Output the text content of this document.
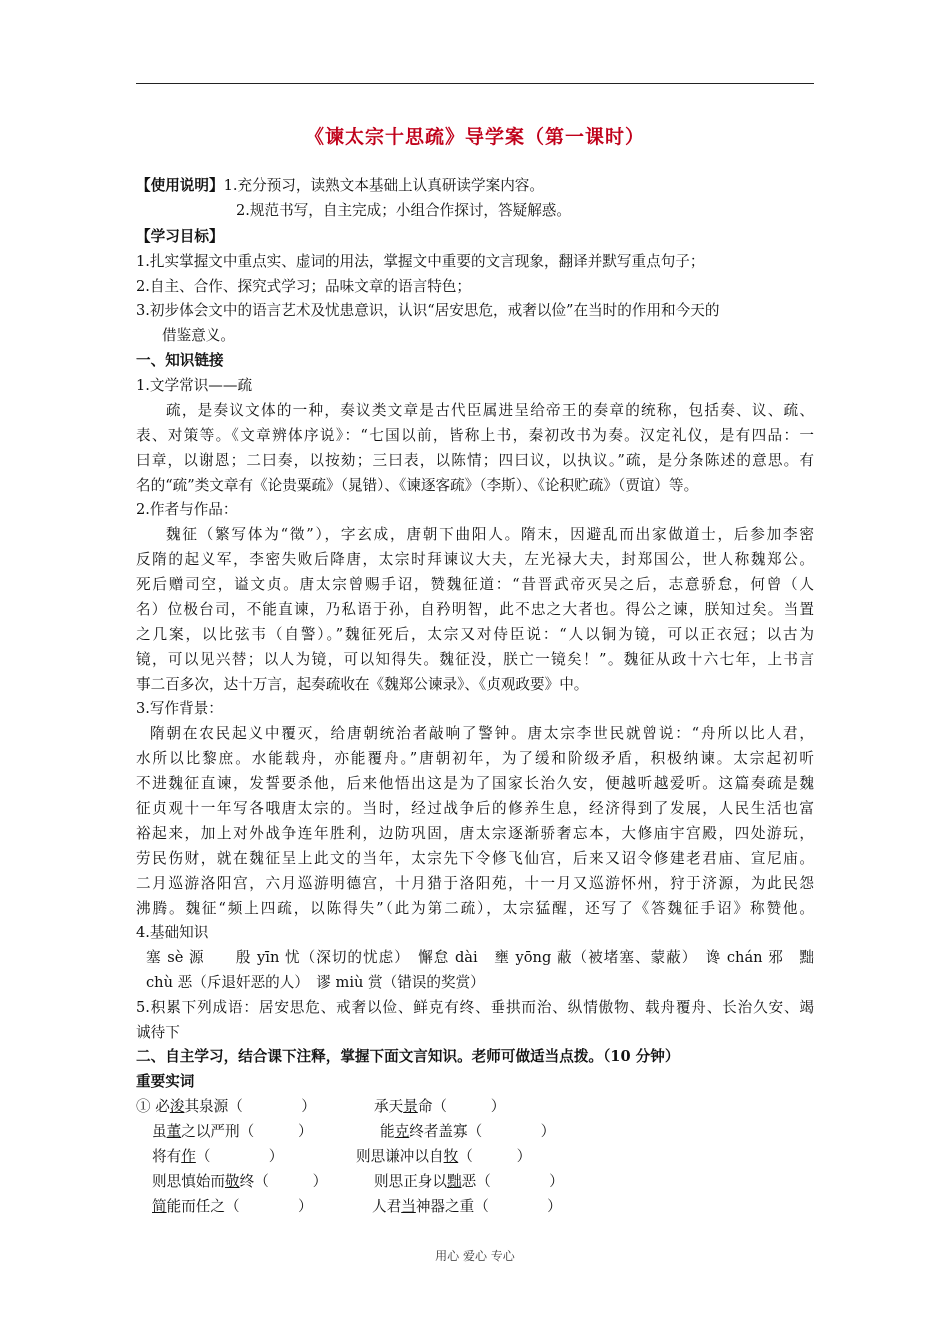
《谏太宗十思疏》导学案（第一课时）
【使用说明】1.充分预习，读熟文本基础上认真研读学案内容。
2.规范书写，自主完成；小组合作探讨，答疑解惑。
【学习目标】
1.扎实掌握文中重点实、虚词的用法，掌握文中重要的文言现象，翻译并默写重点句子；
2.自主、合作、探究式学习；品味文章的语言特色；
3.初步体会文中的语言艺术及忧患意识，认识“居安思危，戒奢以俭”在当时的作用和今天的
借鉴意义。
一、知识链接
1.文学常识——疏
疏，是奏议文体的一种，奏议类文章是古代臣属进呈给帝王的奏章的统称，包括奏、议、疏、
表、对策等。《文章辨体序说》：“七国以前，皆称上书，秦初改书为奏。汉定礼仪，是有四品：一
曰章，以谢恩；二曰奏，以按劾；三曰表，以陈情；四曰议，以执议。”疏，是分条陈述的意思。有
名的“疏”类文章有《论贵粟疏》（晁错）、《谏逐客疏》（李斯）、《论积贮疏》（贾谊）等。
2.作者与作品：
魏征（繁写体为“徵”），字玄成，唐朝下曲阳人。隋末，因避乱而出家做道士，后参加李密
反隋的起义军，李密失败后降唐，太宗时拜谏议大夫，左光禄大夫，封郑国公，世人称魏郑公。
死后赠司空，谥文贞。唐太宗曾赐手诏，赞魏征道：“昔晋武帝灭吴之后，志意骄怠，何曾（人
名）位极台司，不能直谏，乃私语于孙，自矜明智，此不忠之大者也。得公之谏，朕知过矣。当置
之几案，以比弦韦（自警）。”魏征死后，太宗又对侍臣说：“人以铜为镜，可以正衣冠；以古为
镜，可以见兴替；以人为镜，可以知得失。魏征没，朕亡一镜矣！”。魏征从政十六七年，上书言
事二百多次，达十万言，起奏疏收在《魏郑公谏录》、《贞观政要》中。
3.写作背景：
隋朝在农民起义中覆灭，给唐朝统治者敲响了警钟。唐太宗李世民就曾说：“舟所以比人君，
水所以比黎庶。水能载舟，亦能覆舟。”唐朝初年，为了缓和阶级矛盾，积极纳谏。太宗起初听
不进魏征直谏，发誓要杀他，后来他悟出这是为了国家长治久安，便越听越爱听。这篇奏疏是魏
征贞观十一年写各哦唐太宗的。当时，经过战争后的修养生息，经济得到了发展，人民生活也富
裕起来，加上对外战争连年胜利，边防巩固，唐太宗逐渐骄奢忘本，大修庙宇宫殿，四处游玩，
劳民伤财，就在魏征呈上此文的当年，太宗先下令修飞仙宫，后来又诏令修建老君庙、宣尼庙。
二月巡游洛阳宫，六月巡游明德宫，十月猎于洛阳苑，十一月又巡游怀州，狩于济源，为此民怨
沸腾。魏征“频上四疏，以陈得失”（此为第二疏），太宗猛醒，还写了《答魏征手诏》称赞他。
4.基础知识
塞 sè 源　　殷 yīn 忧（深切的忧虑）　懈怠 dài　壅 yōng 蔽（被堵塞、蒙蔽）　谗 chán 邪　黜
chù 恶（斥退奸恶的人）　谬 miù 赏（错误的奖赏）
5.积累下列成语：居安思危、戒奢以俭、鲜克有终、垂拱而治、纵情傲物、载舟覆舟、长治久安、竭
诚待下
二、自主学习，结合课下注释，掌握下面文言知识。老师可做适当点拨。（10 分钟）
重要实词
① 必浚其泉源（　　　　）	承天景命（　　　）
虽董之以严刑（　　　）	能克终者盖寡（　　　　）
将有作（　　　　）	则思谦冲以自牧（　　　）
则思慎始而敬终（　　　）	则思正身以黜恶（　　　　）
简能而任之（　　　　）	人君当神器之重（　　　　）
用心 爱心 专心
